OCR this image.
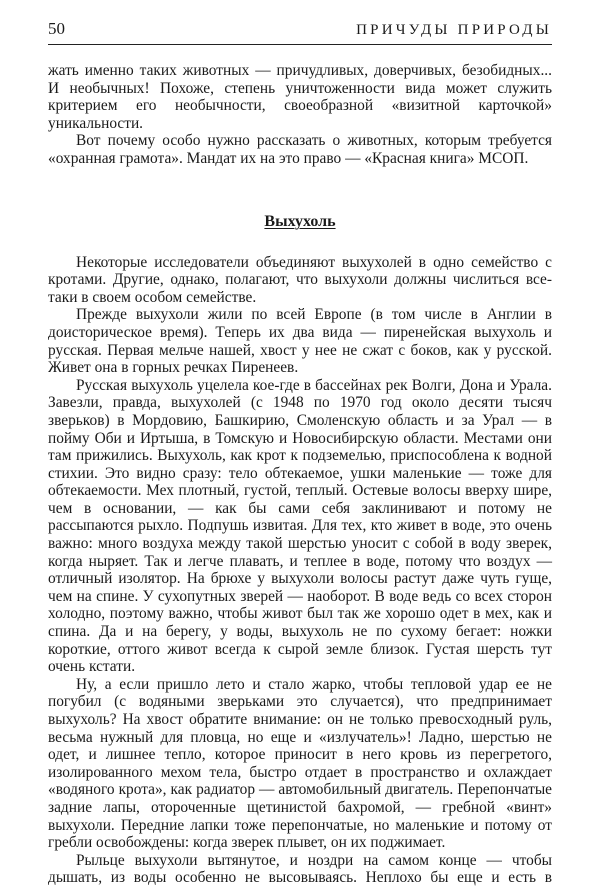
50	ПРИЧУДЫ ПРИРОДЫ

жать именно таких животных — причудливых, доверчивых, безобидных... И необычных! Похоже, степень уничтоженности вида может служить критерием его необычности, своеобразной «визитной карточкой» уникальности.

Вот почему особо нужно рассказать о животных, которым требуется «охранная грамота». Мандат их на это право — «Красная книга» МСОП.

Выхухоль

Некоторые исследователи объединяют выхухолей в одно семейство с кротами. Другие, однако, полагают, что выхухоли должны числиться все-таки в своем особом семействе.

Прежде выхухоли жили по всей Европе (в том числе в Англии в доисторическое время). Теперь их два вида — пиренейская выхухоль и русская. Первая мельче нашей, хвост у нее не сжат с боков, как у русской. Живет она в горных речках Пиренеев.

Русская выхухоль уцелела кое-где в бассейнах рек Волги, Дона и Урала. Завезли, правда, выхухолей (с 1948 по 1970 год около десяти тысяч зверьков) в Мордовию, Башкирию, Смоленскую область и за Урал — в пойму Оби и Иртыша, в Томскую и Новосибирскую области. Местами они там прижились. Выхухоль, как крот к подземелью, приспособлена к водной стихии. Это видно сразу: тело обтекаемое, ушки маленькие — тоже для обтекаемости. Мех плотный, густой, теплый. Остевые волосы вверху шире, чем в основании, — как бы сами себя заклинивают и потому не рассыпаются рыхло. Подпушь извитая. Для тех, кто живет в воде, это очень важно: много воздуха между такой шерстью уносит с собой в воду зверек, когда ныряет. Так и легче плавать, и теплее в воде, потому что воздух — отличный изолятор. На брюхе у выхухоли волосы растут даже чуть гуще, чем на спине. У сухопутных зверей — наоборот. В воде ведь со всех сторон холодно, поэтому важно, чтобы живот был так же хорошо одет в мех, как и спина. Да и на берегу, у воды, выхухоль не по сухому бегает: ножки короткие, оттого живот всегда к сырой земле близок. Густая шерсть тут очень кстати.

Ну, а если пришло лето и стало жарко, чтобы тепловой удар ее не погубил (с водяными зверьками это случается), что предпринимает выхухоль? На хвост обратите внимание: он не только превосходный руль, весьма нужный для пловца, но еще и «излучатель»! Ладно, шерстью не одет, и лишнее тепло, которое приносит в него кровь из перегретого, изолированного мехом тела, быстро отдает в пространство и охлаждает «водяного крота», как радиатор — автомобильный двигатель. Перепончатые задние лапы, отороченные щетинистой бахромой, — гребной «винт» выхухоли. Передние лапки тоже перепончатые, но маленькие и потому от гребли освобождены: когда зверек плывет, он их поджимает.

Рыльце выхухоли вытянутое, и ноздри на самом конце — чтобы дышать, из воды особенно не высовываясь. Неплохо бы еще и есть в
